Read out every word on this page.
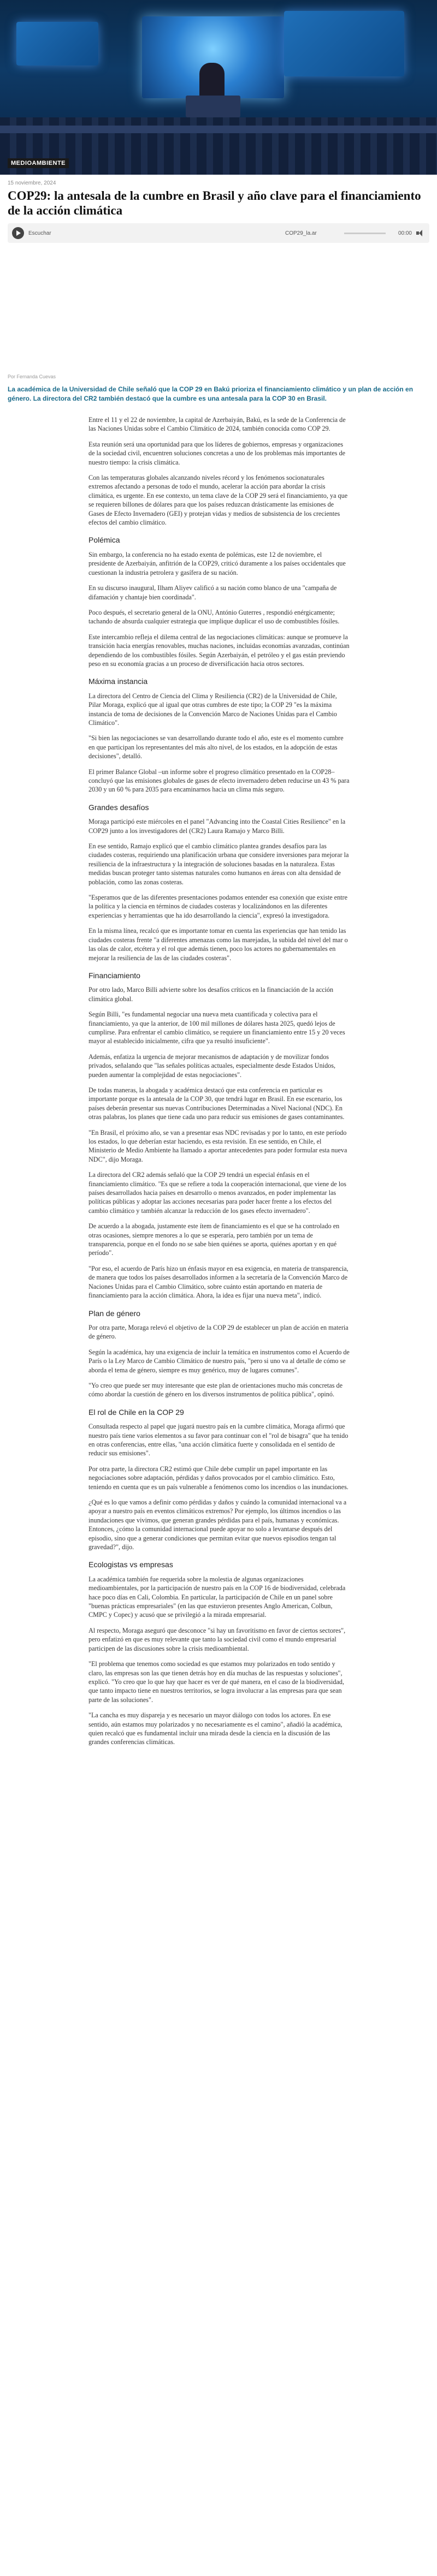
MEDIOAMBIENTE
15 noviembre, 2024
COP29: la antesala de la cumbre en Brasil y año clave para el financiamiento de la acción climática
Escuchar	COP29_la.ar	00:00
Por Fernanda Cuevas
La académica de la Universidad de Chile señaló que la COP 29 en Bakú prioriza el financiamiento climático y un plan de acción en género. La directora del CR2 también destacó que la cumbre es una antesala para la COP 30 en Brasil.

Entre el 11 y el 22 de noviembre, la capital de Azerbaiyán, Bakú, es la sede de la Conferencia de las Naciones Unidas sobre el Cambio Climático de 2024, también conocida como COP 29.

Esta reunión será una oportunidad para que los líderes de gobiernos, empresas y organizaciones de la sociedad civil, encuentren soluciones concretas a uno de los problemas más importantes de nuestro tiempo: la crisis climática.

Con las temperaturas globales alcanzando niveles récord y los fenómenos socionaturales extremos afectando a personas de todo el mundo, acelerar la acción para abordar la crisis climática, es urgente. En ese contexto, un tema clave de la COP 29 será el financiamiento, ya que se requieren billones de dólares para que los países reduzcan drásticamente las emisiones de Gases de Efecto Invernadero (GEI) y protejan vidas y medios de subsistencia de los crecientes efectos del cambio climático.

Polémica

Sin embargo, la conferencia no ha estado exenta de polémicas, este 12 de noviembre, el presidente de Azerbaiyán, anfitrión de la COP29, criticó duramente a los países occidentales que cuestionan la industria petrolera y gasífera de su nación.

En su discurso inaugural, Ilham Aliyev calificó a su nación como blanco de una "campaña de difamación y chantaje bien coordinada".

Poco después, el secretario general de la ONU, António Guterres , respondió enérgicamente; tachando de absurda cualquier estrategia que implique duplicar el uso de combustibles fósiles.

Este intercambio refleja el dilema central de las negociaciones climáticas: aunque se promueve la transición hacia energías renovables, muchas naciones, incluidas economías avanzadas, continúan dependiendo de los combustibles fósiles. Según Azerbaiyán, el petróleo y el gas están previendo peso en su economía gracias a un proceso de diversificación hacia otros sectores.

Máxima instancia

La directora del Centro de Ciencia del Clima y Resiliencia (CR2) de la Universidad de Chile, Pilar Moraga, explicó que al igual que otras cumbres de este tipo; la COP 29 "es la máxima instancia de toma de decisiones de la Convención Marco de Naciones Unidas para el Cambio Climático".

"Si bien las negociaciones se van desarrollando durante todo el año, este es el momento cumbre en que participan los representantes del más alto nivel, de los estados, en la adopción de estas decisiones", detalló.

El primer Balance Global –un informe sobre el progreso climático presentado en la COP28– concluyó que las emisiones globales de gases de efecto invernadero deben reducirse un 43 % para 2030 y un 60 % para 2035 para encaminarnos hacia un clima más seguro.

Grandes desafíos

Moraga participó este miércoles en el panel "Advancing into the Coastal Cities Resilience" en la COP29 junto a los investigadores del (CR2) Laura Ramajo y Marco Billi.

En ese sentido, Ramajo explicó que el cambio climático plantea grandes desafíos para las ciudades costeras, requiriendo una planificación urbana que considere inversiones para mejorar la resiliencia de la infraestructura y la integración de soluciones basadas en la naturaleza. Estas medidas buscan proteger tanto sistemas naturales como humanos en áreas con alta densidad de población, como las zonas costeras.

"Esperamos que de las diferentes presentaciones podamos entender esa conexión que existe entre la política y la ciencia en términos de ciudades costeras y localizándonos en las diferentes experiencias y herramientas que ha ido desarrollando la ciencia", expresó la investigadora.

En la misma línea, recalcó que es importante tomar en cuenta las experiencias que han tenido las ciudades costeras frente "a diferentes amenazas como las marejadas, la subida del nivel del mar o las olas de calor, etcétera y el rol que además tienen, poco los actores no gubernamentales en mejorar la resiliencia de las de las ciudades costeras".

Financiamiento

Por otro lado, Marco Billi advierte sobre los desafíos críticos en la financiación de la acción climática global.

Según Billi, "es fundamental negociar una nueva meta cuantificada y colectiva para el financiamiento, ya que la anterior, de 100 mil millones de dólares hasta 2025, quedó lejos de cumplirse. Para enfrentar el cambio climático, se requiere un financiamiento entre 15 y 20 veces mayor al establecido inicialmente, cifra que ya resultó insuficiente".

Además, enfatiza la urgencia de mejorar mecanismos de adaptación y de movilizar fondos privados, señalando que "las señales políticas actuales, especialmente desde Estados Unidos, pueden aumentar la complejidad de estas negociaciones".

De todas maneras, la abogada y académica destacó que esta conferencia en particular es importante porque es la antesala de la COP 30, que tendrá lugar en Brasil. En ese escenario, los países deberán presentar sus nuevas Contribuciones Determinadas a Nivel Nacional (NDC). En otras palabras, los planes que tiene cada uno para reducir sus emisiones de gases contaminantes.

"En Brasil, el próximo año, se van a presentar esas NDC revisadas y por lo tanto, en este período los estados, lo que deberían estar haciendo, es esta revisión. En ese sentido, en Chile, el Ministerio de Medio Ambiente ha llamado a aportar antecedentes para poder formular esta nueva NDC", dijo Moraga.

La directora del CR2 además señaló que la COP 29 tendrá un especial énfasis en el financiamiento climático. "Es que se refiere a toda la cooperación internacional, que viene de los países desarrollados hacia países en desarrollo o menos avanzados, en poder implementar las políticas públicas y adoptar las acciones necesarias para poder hacer frente a los efectos del cambio climático y también alcanzar la reducción de los gases efecto invernadero".

De acuerdo a la abogada, justamente este ítem de financiamiento es el que se ha controlado en otras ocasiones, siempre menores a lo que se esperaría, pero también por un tema de transparencia, porque en el fondo no se sabe bien quiénes se aporta, quiénes aportan y en qué período".

"Por eso, el acuerdo de París hizo un énfasis mayor en esa exigencia, en materia de transparencia, de manera que todos los países desarrollados informen a la secretaría de la Convención Marco de Naciones Unidas para el Cambio Climático, sobre cuánto están aportando en materia de financiamiento para la acción climática. Ahora, la idea es fijar una nueva meta", indicó.

Plan de género

Por otra parte, Moraga relevó el objetivo de la COP 29 de establecer un plan de acción en materia de género.

Según la académica, hay una exigencia de incluir la temática en instrumentos como el Acuerdo de París o la Ley Marco de Cambio Climático de nuestro país, "pero si uno va al detalle de cómo se aborda el tema de género, siempre es muy genérico, muy de lugares comunes".

"Yo creo que puede ser muy interesante que este plan de orientaciones mucho más concretas de cómo abordar la cuestión de género en los diversos instrumentos de política pública", opinó.

El rol de Chile en la COP 29

Consultada respecto al papel que jugará nuestro país en la cumbre climática, Moraga afirmó que nuestro país tiene varios elementos a su favor para continuar con el "rol de bisagra" que ha tenido en otras conferencias, entre ellas, "una acción climática fuerte y consolidada en el sentido de reducir sus emisiones".

Por otra parte, la directora CR2 estimó que Chile debe cumplir un papel importante en las negociaciones sobre adaptación, pérdidas y daños provocados por el cambio climático. Esto, teniendo en cuenta que es un país vulnerable a fenómenos como los incendios o las inundaciones.

¿Qué es lo que vamos a definir como pérdidas y daños y cuándo la comunidad internacional va a apoyar a nuestro país en eventos climáticos extremos? Por ejemplo, los últimos incendios o las inundaciones que vivimos, que generan grandes pérdidas para el país, humanas y económicas. Entonces, ¿cómo la comunidad internacional puede apoyar no solo a levantarse después del episodio, sino que a generar condiciones que permitan evitar que nuevos episodios tengan tal gravedad?", dijo.

Ecologistas vs empresas

La académica también fue requerida sobre la molestia de algunas organizaciones medioambientales, por la participación de nuestro país en la COP 16 de biodiversidad, celebrada hace poco días en Cali, Colombia. En particular, la participación de Chile en un panel sobre "buenas prácticas empresariales" (en las que estuvieron presentes Anglo American, Colbun, CMPC y Copec) y acusó que se privilegió a la mirada empresarial.

Al respecto, Moraga aseguró que desconoce "si hay un favoritismo en favor de ciertos sectores", pero enfatizó en que es muy relevante que tanto la sociedad civil como el mundo empresarial participen de las discusiones sobre la crisis medioambiental.

"El problema que tenemos como sociedad es que estamos muy polarizados en todo sentido y claro, las empresas son las que tienen detrás hoy en día muchas de las respuestas y soluciones", explicó. "Yo creo que lo que hay que hacer es ver de qué manera, en el caso de la biodiversidad, que tanto impacto tiene en nuestros territorios, se logra involucrar a las empresas para que sean parte de las soluciones".

"La cancha es muy dispareja y es necesario un mayor diálogo con todos los actores. En ese sentido, aún estamos muy polarizados y no necesariamente es el camino", añadió la académica, quien recalcó que es fundamental incluir una mirada desde la ciencia en la discusión de las grandes conferencias climáticas.
